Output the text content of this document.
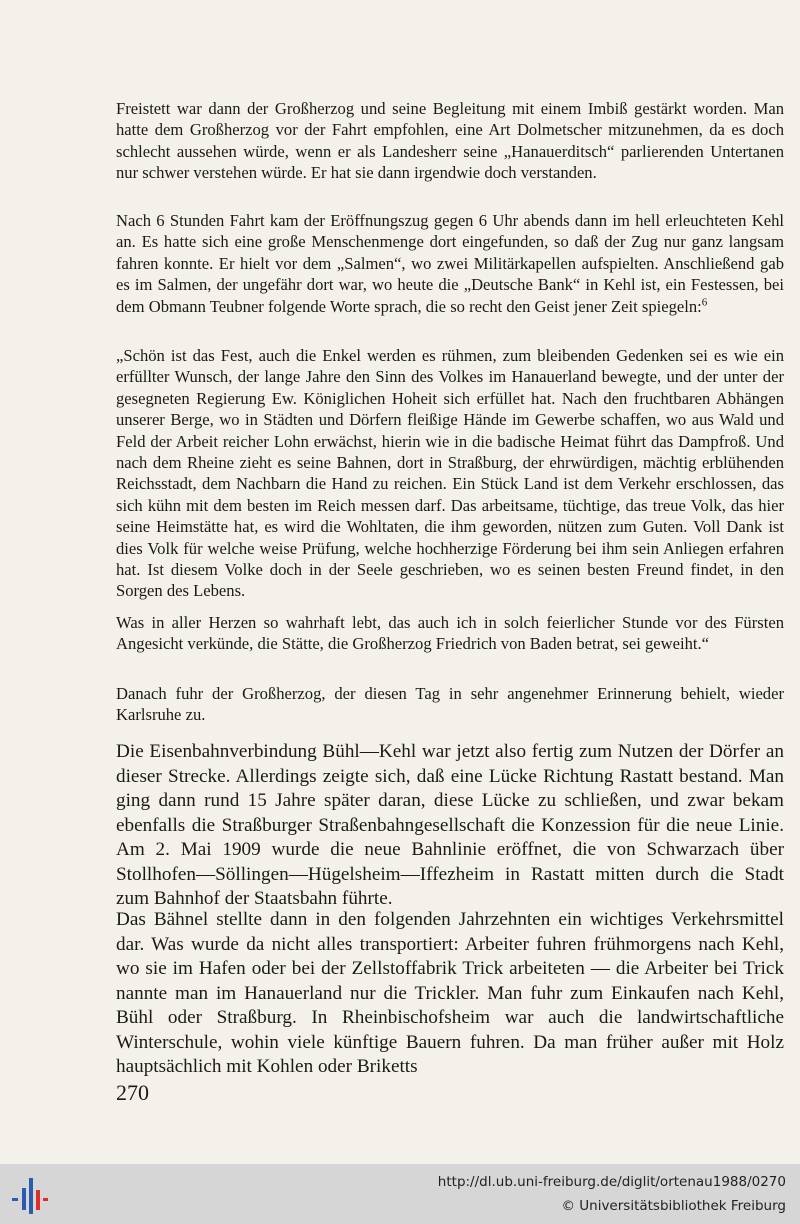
Freistett war dann der Großherzog und seine Begleitung mit einem Imbiß gestärkt worden. Man hatte dem Großherzog vor der Fahrt empfohlen, eine Art Dolmetscher mitzunehmen, da es doch schlecht aussehen würde, wenn er als Landesherr seine „Hanauerditsch“ parlierenden Untertanen nur schwer verstehen würde. Er hat sie dann irgendwie doch verstanden.

Nach 6 Stunden Fahrt kam der Eröffnungszug gegen 6 Uhr abends dann im hell erleuchteten Kehl an. Es hatte sich eine große Menschenmenge dort eingefunden, so daß der Zug nur ganz langsam fahren konnte. Er hielt vor dem „Salmen“, wo zwei Militärkapellen aufspielten. Anschließend gab es im Salmen, der ungefähr dort war, wo heute die „Deutsche Bank“ in Kehl ist, ein Festessen, bei dem Obmann Teubner folgende Worte sprach, die so recht den Geist jener Zeit spiegeln:$^6$

„Schön ist das Fest, auch die Enkel werden es rühmen, zum bleibenden Gedenken sei es wie ein erfüllter Wunsch, der lange Jahre den Sinn des Volkes im Hanauerland bewegte, und der unter der gesegneten Regierung Ew. Königlichen Hoheit sich erfüllet hat. Nach den fruchtbaren Abhängen unserer Berge, wo in Städten und Dörfern fleißige Hände im Gewerbe schaffen, wo aus Wald und Feld der Arbeit reicher Lohn erwächst, hierin wie in die badische Heimat führt das Dampfroß. Und nach dem Rheine zieht es seine Bahnen, dort in Straßburg, der ehrwürdigen, mächtig erblühenden Reichsstadt, dem Nachbarn die Hand zu reichen. Ein Stück Land ist dem Verkehr erschlossen, das sich kühn mit dem besten im Reich messen darf. Das arbeitsame, tüchtige, das treue Volk, das hier seine Heimstätte hat, es wird die Wohltaten, die ihm geworden, nützen zum Guten. Voll Dank ist dies Volk für welche weise Prüfung, welche hochherzige Förderung bei ihm sein Anliegen erfahren hat. Ist diesem Volke doch in der Seele geschrieben, wo es seinen besten Freund findet, in den Sorgen des Lebens.

Was in aller Herzen so wahrhaft lebt, das auch ich in solch feierlicher Stunde vor des Fürsten Angesicht verkünde, die Stätte, die Großherzog Friedrich von Baden betrat, sei geweiht.“

Danach fuhr der Großherzog, der diesen Tag in sehr angenehmer Erinnerung behielt, wieder Karlsruhe zu.

Die Eisenbahnverbindung Bühl—Kehl war jetzt also fertig zum Nutzen der Dörfer an dieser Strecke. Allerdings zeigte sich, daß eine Lücke Richtung Rastatt bestand. Man ging dann rund 15 Jahre später daran, diese Lücke zu schließen, und zwar bekam ebenfalls die Straßburger Straßenbahngesellschaft die Konzession für die neue Linie. Am 2. Mai 1909 wurde die neue Bahnlinie eröffnet, die von Schwarzach über Stollhofen—Söllingen—Hügelsheim—Iffezheim in Rastatt mitten durch die Stadt zum Bahnhof der Staatsbahn führte.

Das Bähnel stellte dann in den folgenden Jahrzehnten ein wichtiges Verkehrsmittel dar. Was wurde da nicht alles transportiert: Arbeiter fuhren frühmorgens nach Kehl, wo sie im Hafen oder bei der Zellstoffabrik Trick arbeiteten — die Arbeiter bei Trick nannte man im Hanauerland nur die Trickler. Man fuhr zum Einkaufen nach Kehl, Bühl oder Straßburg. In Rheinbischofsheim war auch die landwirtschaftliche Winterschule, wohin viele künftige Bauern fuhren. Da man früher außer mit Holz hauptsächlich mit Kohlen oder Briketts

270
http://dl.ub.uni-freiburg.de/diglit/ortenau1988/0270
© Universitätsbibliothek Freiburg
